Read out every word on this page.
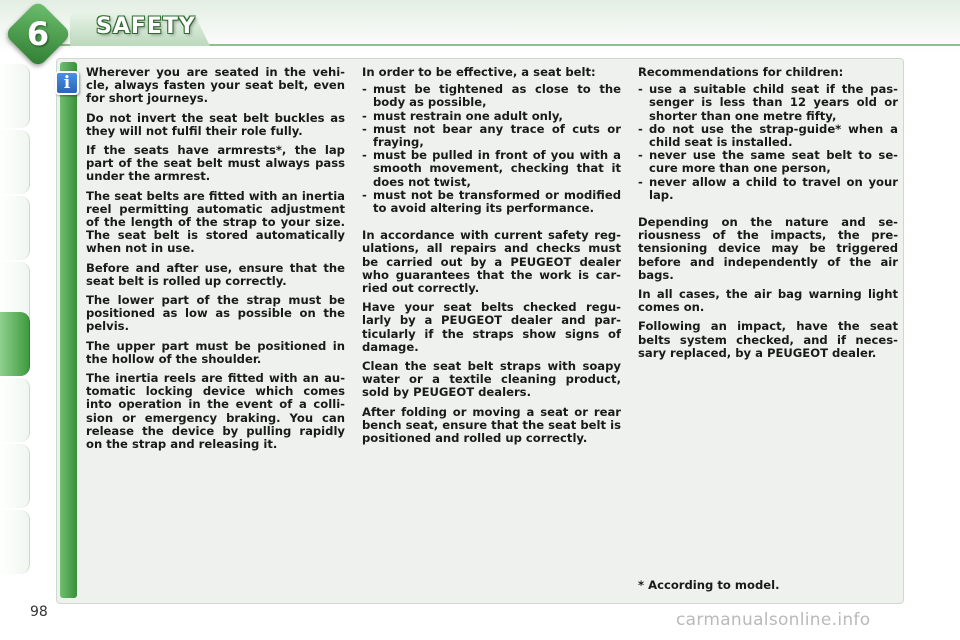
6	SAFETY
i

Wherever you are seated in the vehi-cle, always fasten your seat belt, even for short journeys.

Do not invert the seat belt buckles as they will not fulfil their role fully.

If the seats have armrests*, the lap part of the seat belt must always pass under the armrest.

The seat belts are fitted with an inertia reel permitting automatic adjustment of the length of the strap to your size. The seat belt is stored automatically when not in use.

Before and after use, ensure that the seat belt is rolled up correctly.

The lower part of the strap must be positioned as low as possible on the pelvis.

The upper part must be positioned in the hollow of the shoulder.

The inertia reels are fitted with an au-tomatic locking device which comes into operation in the event of a colli-sion or emergency braking. You can release the device by pulling rapidly on the strap and releasing it.

In order to be effective, a seat belt:

- must be tightened as close to the body as possible,
- must restrain one adult only,
- must not bear any trace of cuts or fraying,
- must be pulled in front of you with a smooth movement, checking that it does not twist,
- must not be transformed or modified to avoid altering its performance.

In accordance with current safety reg-ulations, all repairs and checks must be carried out by a PEUGEOT dealer who guarantees that the work is car-ried out correctly.

Have your seat belts checked regu-larly by a PEUGEOT dealer and par-ticularly if the straps show signs of damage.

Clean the seat belt straps with soapy water or a textile cleaning product, sold by PEUGEOT dealers.

After folding or moving a seat or rear bench seat, ensure that the seat belt is positioned and rolled up correctly.

Recommendations for children:

- use a suitable child seat if the pas-senger is less than 12 years old or shorter than one metre fifty,
- do not use the strap-guide* when a child seat is installed.
- never use the same seat belt to se-cure more than one person,
- never allow a child to travel on your lap.

Depending on the nature and se-riousness of the impacts, the pre-tensioning device may be triggered before and independently of the air bags.

In all cases, the air bag warning light comes on.

Following an impact, have the seat belts system checked, and if neces-sary replaced, by a PEUGEOT dealer.

* According to model.
98	carmanualsonline.info
